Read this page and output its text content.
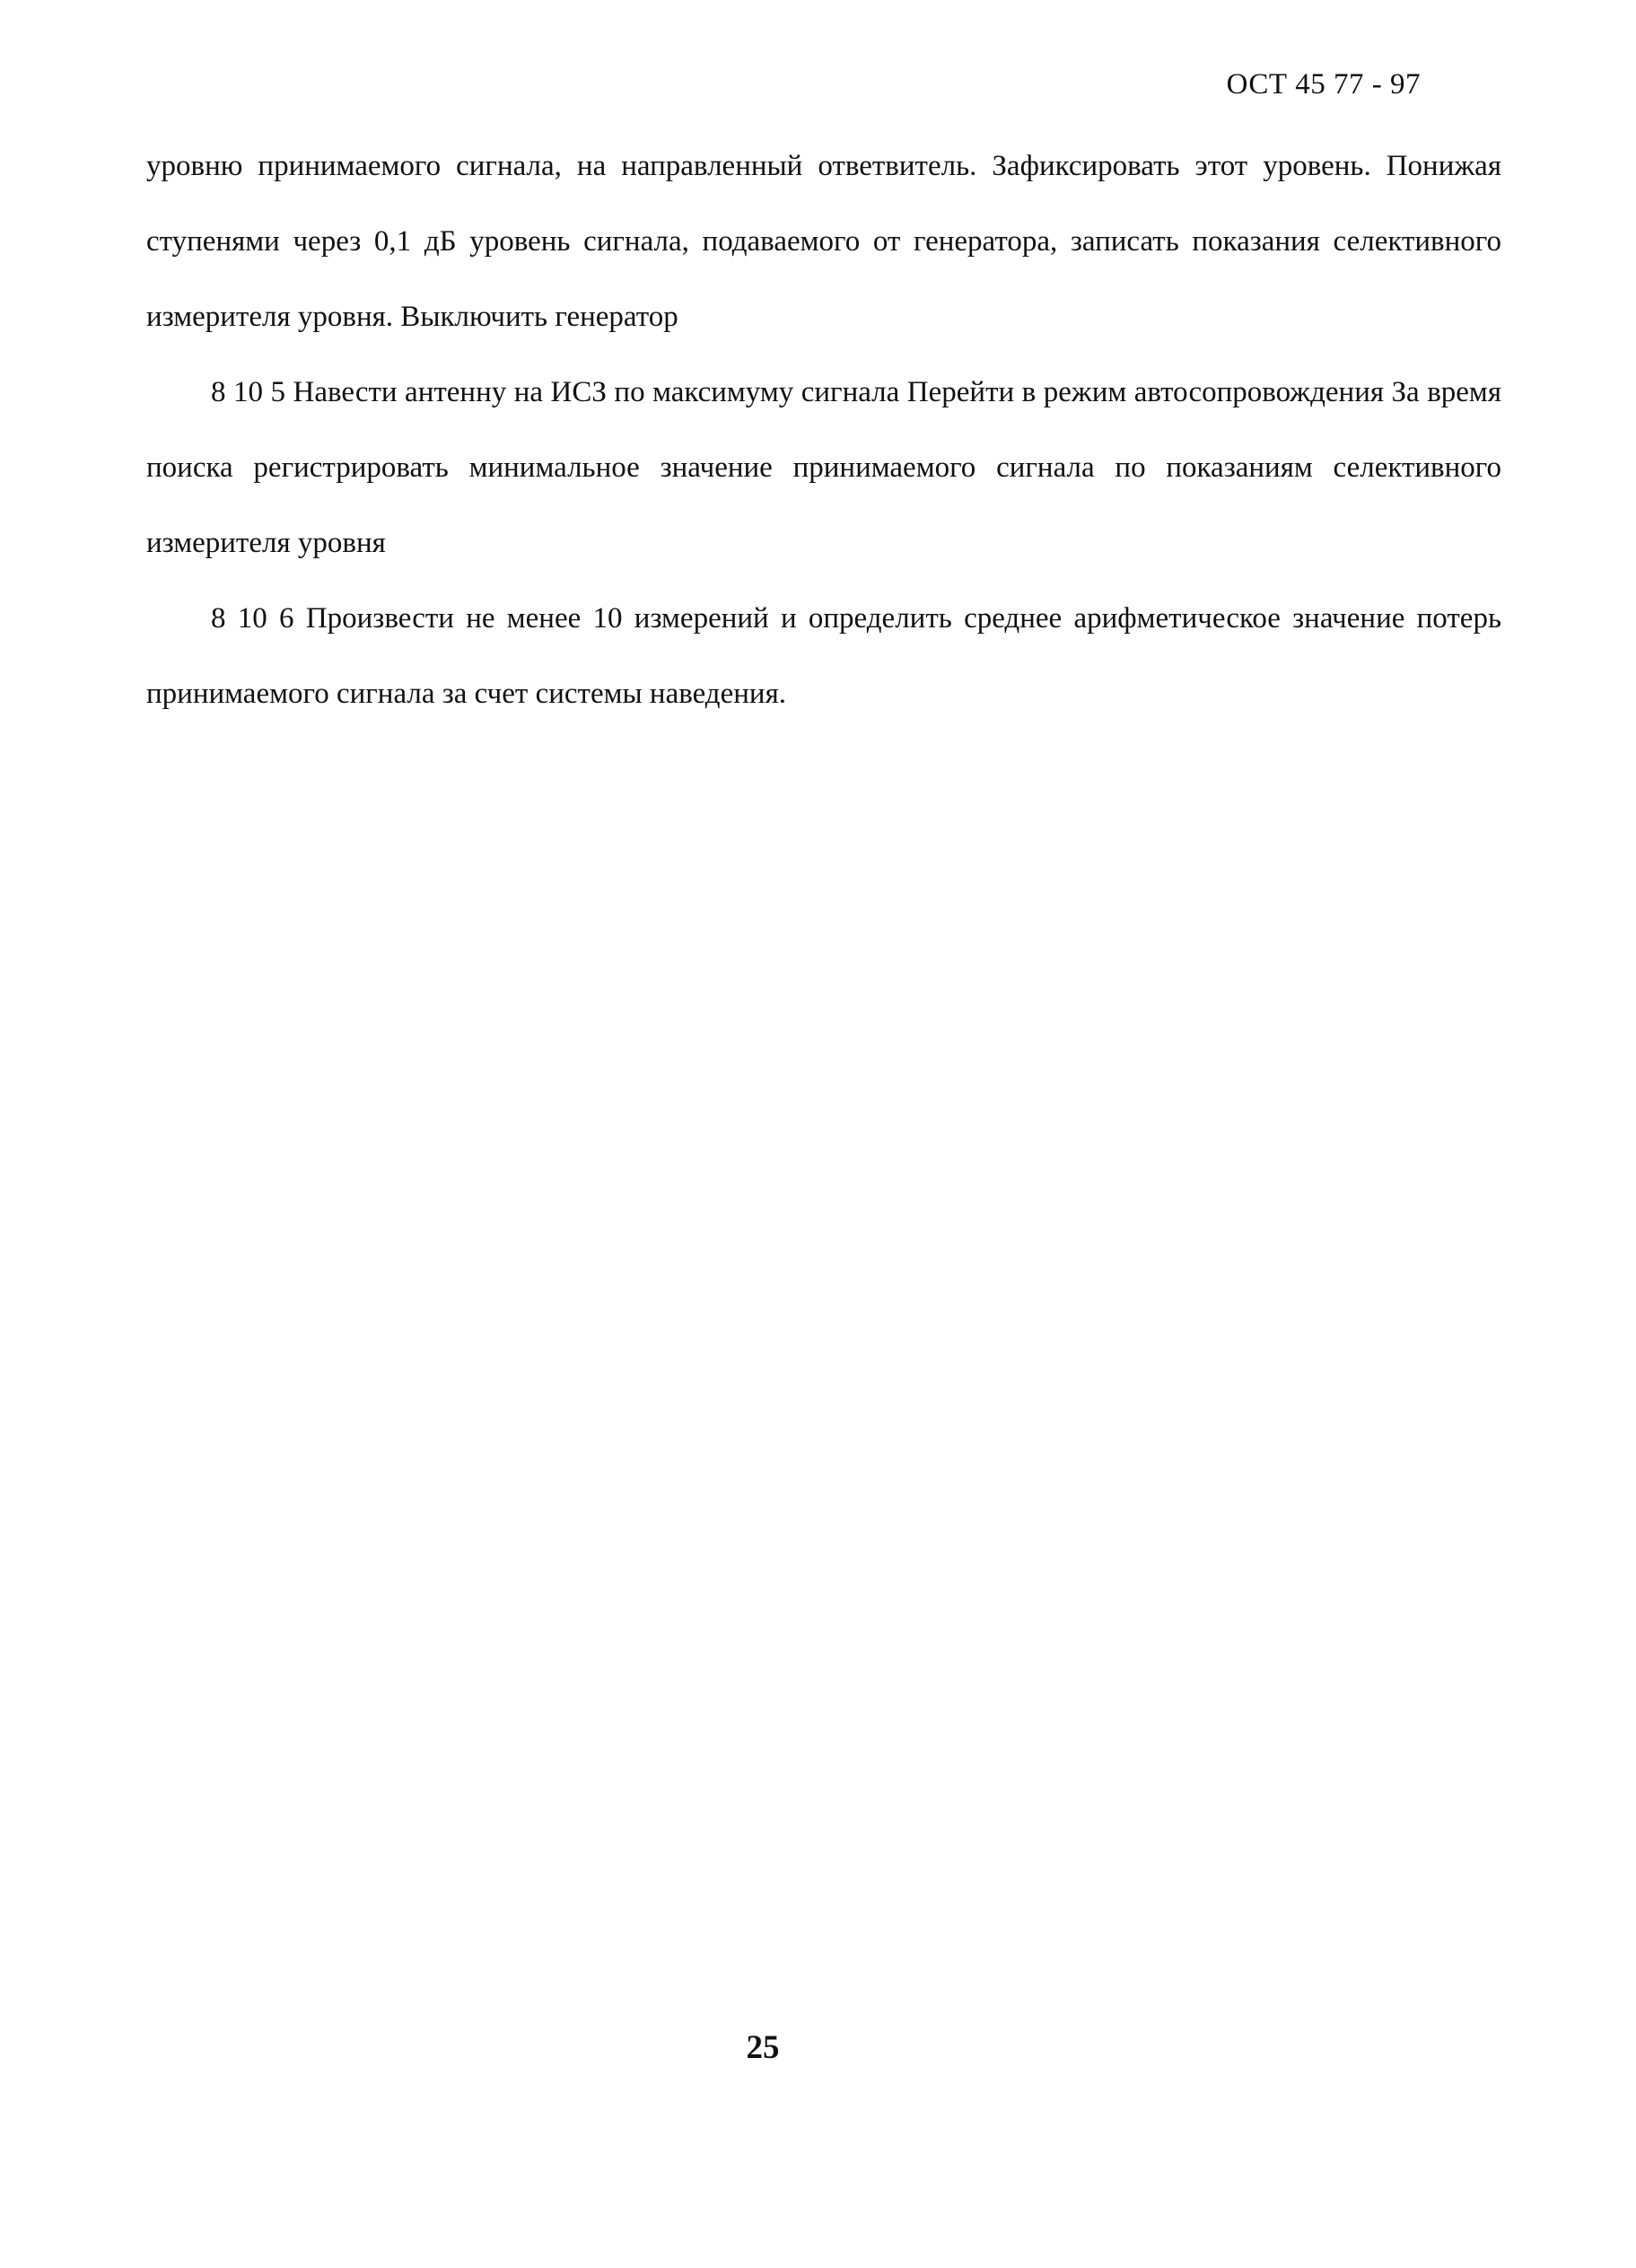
ОСТ 45 77 - 97

уровню принимаемого сигнала, на направленный ответвитель. Зафиксировать этот уровень. Понижая ступенями через 0,1 дБ уровень сигнала, подаваемого от генератора, записать показания селективного измерителя уровня. Выключить генератор

8 10 5 Навести антенну на ИСЗ по максимуму сигнала Перейти в режим автосопровождения За время поиска регистрировать минимальное значение принимаемого сигнала по показаниям селективного измерителя уровня

8 10 6 Произвести не менее 10 измерений и определить среднее арифметическое значение потерь принимаемого сигнала за счет системы наведения.

25
